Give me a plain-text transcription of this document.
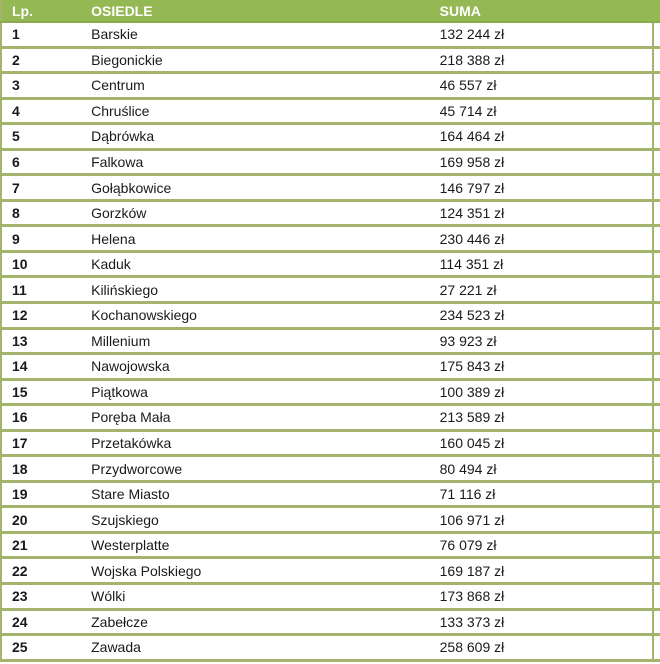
Lp.	OSIEDLE	SUMA	
1	Barskie	132 244 zł	
2	Biegonickie	218 388 zł	
3	Centrum	46 557 zł	
4	Chruślice	45 714 zł	
5	Dąbrówka	164 464 zł	
6	Falkowa	169 958 zł	
7	Gołąbkowice	146 797 zł	
8	Gorzków	124 351 zł	
9	Helena	230 446 zł	
10	Kaduk	114 351 zł	
11	Kilińskiego	27 221 zł	
12	Kochanowskiego	234 523 zł	
13	Millenium	93 923 zł	
14	Nawojowska	175 843 zł	
15	Piątkowa	100 389 zł	
16	Poręba Mała	213 589 zł	
17	Przetakówka	160 045 zł	
18	Przydworcowe	80 494 zł	
19	Stare Miasto	71 116 zł	
20	Szujskiego	106 971 zł	
21	Westerplatte	76 079 zł	
22	Wojska Polskiego	169 187 zł	
23	Wólki	173 868 zł	
24	Zabełcze	133 373 zł	
25	Zawada	258 609 zł	
